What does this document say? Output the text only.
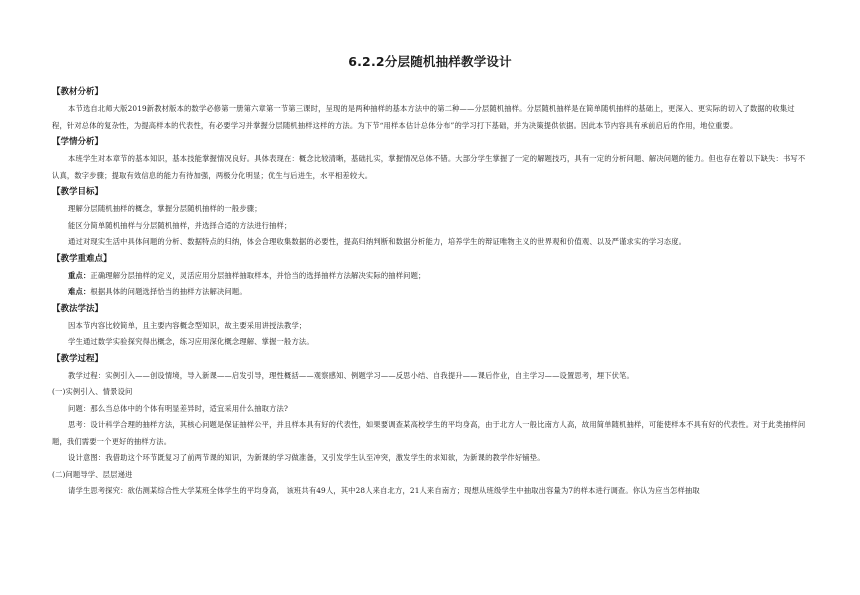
6.2.2分层随机抽样教学设计

【教材分析】

本节选自北师大版2019新教材版本的数学必修第一册第六章第一节第三课时，呈现的是两种抽样的基本方法中的第二种——分层随机抽样。分层随机抽样是在简单随机抽样的基础上，更深入、更实际的切入了数据的收集过程，针对总体的复杂性，为提高样本的代表性，有必要学习并掌握分层随机抽样这样的方法。为下节“用样本估计总体分布”的学习打下基础，并为决策提供依据。因此本节内容具有承前启后的作用，地位重要。

【学情分析】

本班学生对本章节的基本知识，基本技能掌握情况良好。具体表现在：概念比较清晰，基础扎实，掌握情况总体不错。大部分学生掌握了一定的解题技巧，具有一定的分析问题、解决问题的能力。但也存在着以下缺失：书写不认真，数字步骤；提取有效信息的能力有待加强，两极分化明显；优生与后进生，水平相差较大。

【教学目标】

理解分层随机抽样的概念，掌握分层随机抽样的一般步骤；

能区分简单随机抽样与分层随机抽样，并选择合适的方法进行抽样；

通过对现实生活中具体问题的分析、数据特点的归纳，体会合理收集数据的必要性，提高归纳判断和数据分析能力，培养学生的辩证唯物主义的世界观和价值观、以及严谨求实的学习态度。

【教学重难点】

重点：正确理解分层抽样的定义，灵活应用分层抽样抽取样本，并恰当的选择抽样方法解决实际的抽样问题；

难点：根据具体的问题选择恰当的抽样方法解决问题。

【教法学法】

因本节内容比较简单，且主要内容概念型知识，故主要采用讲授法教学；

学生通过数学实验探究得出概念，练习应用深化概念理解、掌握一般方法。

【教学过程】

教学过程：实例引入——创设情境，导入新课——启发引导，理性概括——观察感知、例题学习——反思小结、自我提升——课后作业，自主学习——设置思考，埋下伏笔。

(一)实例引入、情景设问

问题：那么当总体中的个体有明显差异时，适宜采用什么抽取方法?

思考：设计科学合理的抽样方法，其核心问题是保证抽样公平，并且样本具有好的代表性，如果要调查某高校学生的平均身高，由于北方人一般比南方人高，故用简单随机抽样，可能使样本不具有好的代表性。对于此类抽样问题，我们需要一个更好的抽样方法。

设计意图：我借助这个环节既复习了前两节课的知识，为新课的学习做准备，又引发学生认至冲突，激发学生的求知欲，为新课的教学作好铺垫。

(二)问题导学、层层递进

请学生思考探究：欲估测某综合性大学某班全体学生的平均身高， 该班共有49人，其中28人来自北方，21人来自南方；现想从班级学生中抽取出容量为7的样本进行调查。你认为应当怎样抽取
